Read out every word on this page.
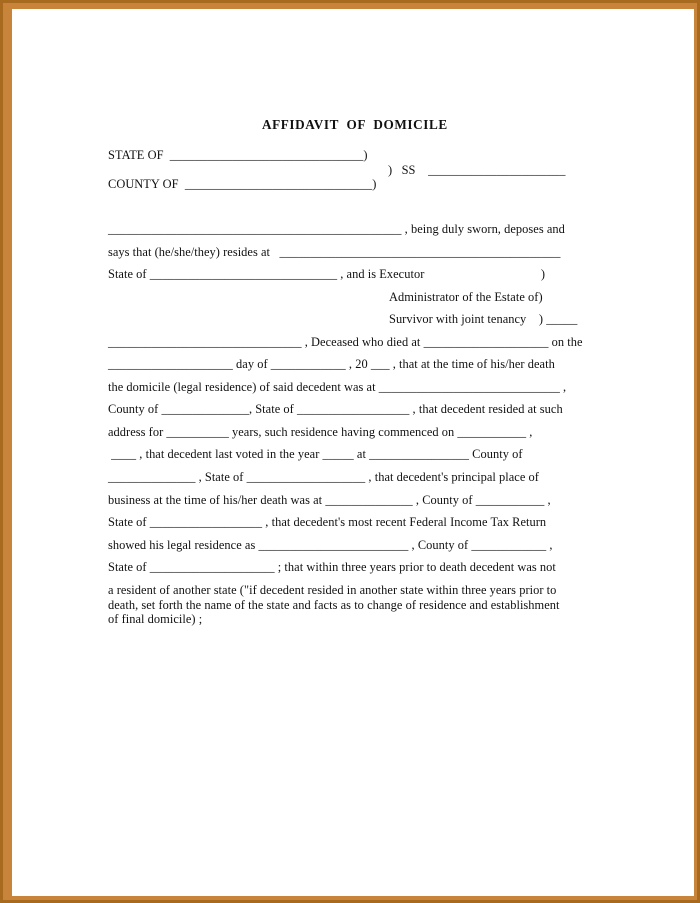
AFFIDAVIT  OF  DOMICILE
STATE OF  _______________________________)
)   SS    ______________________
COUNTY OF  ______________________________)
_______________________________________________ , being duly sworn, deposes and
says that (he/she/they) resides at   _____________________________________________
State of ______________________________ , and is Executor                                     )
Administrator of the Estate of)
Survivor with joint tenancy    ) _____
_______________________________ , Deceased who died at ____________________ on the
____________________ day of ____________ , 20 ___ , that at the time of his/her death
the domicile (legal residence) of said decedent was at _____________________________ ,
County of ______________, State of __________________ , that decedent resided at such
address for __________ years, such residence having commenced on ___________ ,
____ , that decedent last voted in the year _____ at ________________ County of
______________ , State of ___________________ , that decedent's principal place of
business at the time of his/her death was at ______________ , County of ___________ ,
State of __________________ , that decedent's most recent Federal Income Tax Return
showed his legal residence as ________________________ , County of ____________ ,
State of ____________________ ; that within three years prior to death decedent was not
a resident of another state ("if decedent resided in another state within three years prior to
death, set forth the name of the state and facts as to change of residence and establishment
of final domicile) ;
